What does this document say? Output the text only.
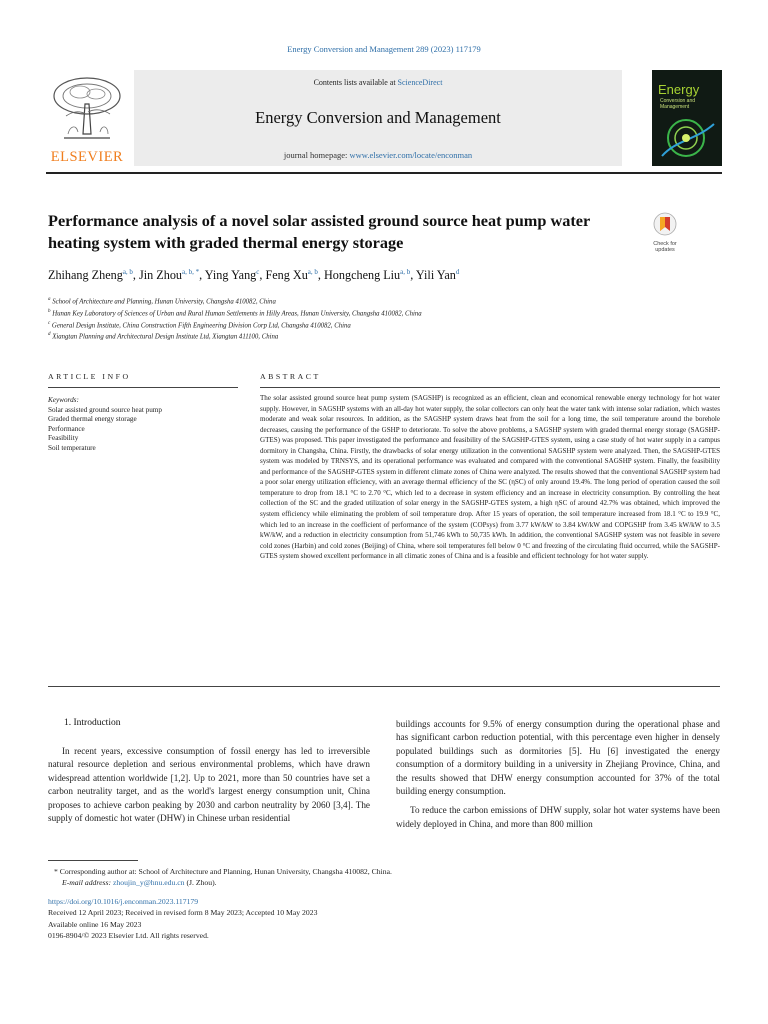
Energy Conversion and Management 289 (2023) 117179
ELSEVIER
Contents lists available at ScienceDirect
Energy Conversion and Management
journal homepage: www.elsevier.com/locate/enconman
Energy
Conversion and Management
Performance analysis of a novel solar assisted ground source heat pump water heating system with graded thermal energy storage	Check for
updates
Zhihang Zheng$^{a, b}$, Jin Zhou$^{a, b, *}$, Ying Yang$^c$, Feng Xu$^{a, b}$, Hongcheng Liu$^{a, b}$, Yili Yan$^d$
$^a$ School of Architecture and Planning, Hunan University, Changsha 410082, China
$^b$ Hunan Key Laboratory of Sciences of Urban and Rural Human Settlements in Hilly Areas, Hunan University, Changsha 410082, China
$^c$ General Design Institute, China Construction Fifth Engineering Division Corp Ltd, Changsha 410082, China
$^d$ Xiangtan Planning and Architectural Design Institute Ltd, Xiangtan 411100, China
ARTICLE INFO	ABSTRACT
Keywords:
Solar assisted ground source heat pump
Graded thermal energy storage
Performance
Feasibility
Soil temperature
The solar assisted ground source heat pump system (SAGSHP) is recognized as an efficient, clean and economical renewable energy technology for hot water supply. However, in SAGSHP systems with an all-day hot water supply, the solar collectors can only heat the water tank with intense solar radiation, which wastes moderate and weak solar resources. In addition, as the SAGSHP system draws heat from the soil for a long time, the soil temperature around the borehole decreases, causing the performance of the GSHP to deteriorate. To solve the above problems, a SAGSHP system with graded thermal energy storage (SAGSHP-GTES) was proposed. This paper investigated the performance and feasibility of the SAGSHP-GTES system, using a case study of hot water supply in a campus dormitory in Changsha, China. Firstly, the drawbacks of solar energy utilization in the conventional SAGSHP system were analyzed. Then, the SAGSHP-GTES system was modeled by TRNSYS, and its operational performance was evaluated and compared with the conventional SAGSHP system. Finally, the feasibility and performance of the SAGSHP-GTES system in different climate zones of China were analyzed. The results showed that the conventional SAGSHP system had a poor solar energy utilization efficiency, with an average thermal efficiency of the SC (ηSC) of only around 19.4%. The long period of operation caused the soil temperature to drop from 18.1 °C to 2.70 °C, which led to a decrease in system efficiency and an increase in electricity consumption. By controlling the heat collection of the SC and the graded utilization of solar energy in the SAGSHP-GTES system, a high ηSC of around 42.7% was obtained, which improved the system efficiency while eliminating the problem of soil temperature drop. After 15 years of operation, the soil temperature increased from 18.1 °C to 19.9 °C, which led to an increase in the coefficient of performance of the system (COPsys) from 3.77 kW/kW to 3.84 kW/kW and COPGSHP from 3.45 kW/kW to 3.5 kW/kW, and a reduction in electricity consumption from 51,746 kWh to 50,735 kWh. In addition, the conventional SAGSHP system was not feasible in severe cold zones (Harbin) and cold zones (Beijing) of China, where soil temperatures fell below 0 °C and freezing of the circulating fluid occurred, while the SAGSHP-GTES system showed excellent performance in all climatic zones of China and is a feasible and efficient technology for hot water supply.
1. Introduction

In recent years, excessive consumption of fossil energy has led to irreversible natural resource depletion and serious environmental problems, which have drawn widespread attention worldwide [1,2]. Up to 2021, more than 50 countries have set a carbon neutrality target, and as the world's largest energy consumption unit, China proposes to achieve carbon peaking by 2030 and carbon neutrality by 2060 [3,4]. The supply of domestic hot water (DHW) in Chinese urban residential

buildings accounts for 9.5% of energy consumption during the operational phase and has significant carbon reduction potential, with this percentage even higher in densely populated buildings such as dormitories [5]. Hu [6] investigated the energy consumption of a dormitory building in a university in Zhejiang Province, China, and the results showed that DHW energy consumption accounted for 37% of the total building energy consumption.

To reduce the carbon emissions of DHW supply, solar hot water systems have been widely deployed in China, and more than 800 million

* Corresponding author at: School of Architecture and Planning, Hunan University, Changsha 410082, China.
E-mail address: zhoujin_y@hnu.edu.cn (J. Zhou).
https://doi.org/10.1016/j.enconman.2023.117179
Received 12 April 2023; Received in revised form 8 May 2023; Accepted 10 May 2023
Available online 16 May 2023
0196-8904/© 2023 Elsevier Ltd. All rights reserved.
